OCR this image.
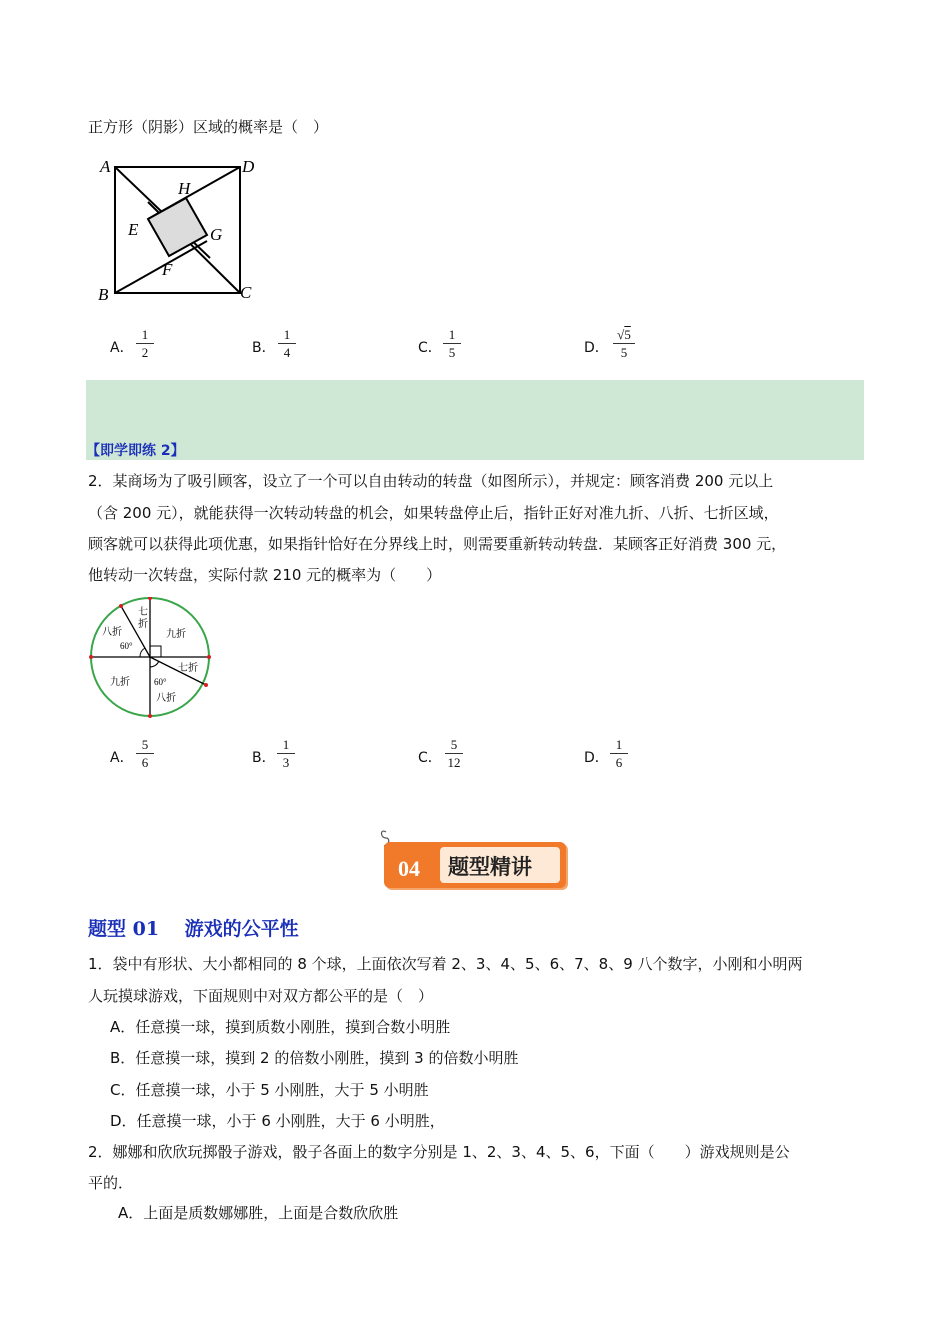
正方形（阴影）区域的概率是（　）
A	D
B	C
E
F
G
H
A．
1
2	B．
1
4	C．
1
5	D．
√5
5
【即学即练 2】
2．某商场为了吸引顾客，设立了一个可以自由转动的转盘（如图所示），并规定：顾客消费 200 元以上
（含 200 元），就能获得一次转动转盘的机会，如果转盘停止后，指针正好对准九折、八折、七折区域，
顾客就可以获得此项优惠，如果指针恰好在分界线上时，则需要重新转动转盘．某顾客正好消费 300 元，
他转动一次转盘，实际付款 210 元的概率为（　　）
七
折
八折	九折
七折
九折
八折
60°
60°
A．
5
6	B．
1
3	C．
5
12	D．
1
6
04 题型精讲
题型 01　 游戏的公平性
1．袋中有形状、大小都相同的 8 个球，上面依次写着 2、3、4、5、6、7、8、9 八个数字，小刚和小明两
人玩摸球游戏，下面规则中对双方都公平的是（　）
A．任意摸一球，摸到质数小刚胜，摸到合数小明胜
B．任意摸一球，摸到 2 的倍数小刚胜，摸到 3 的倍数小明胜
C．任意摸一球，小于 5 小刚胜，大于 5 小明胜
D．任意摸一球，小于 6 小刚胜，大于 6 小明胜，
2．娜娜和欣欣玩掷骰子游戏，骰子各面上的数字分别是 1、2、3、4、5、6，下面（　　）游戏规则是公
平的．
A．上面是质数娜娜胜，上面是合数欣欣胜
